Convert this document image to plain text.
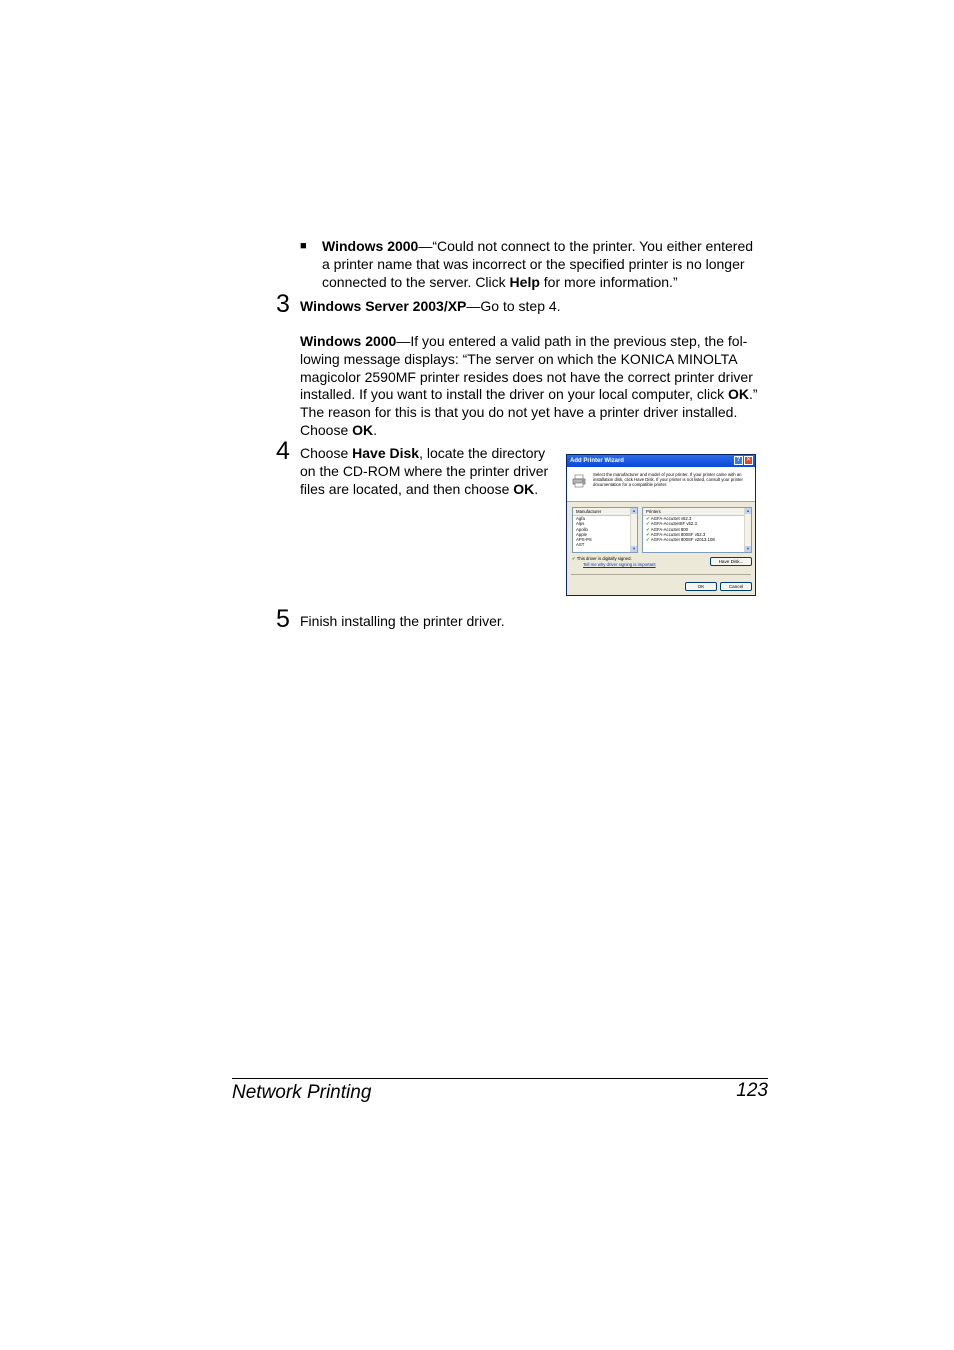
■ Windows 2000—“Could not connect to the printer. You either entered
a printer name that was incorrect or the specified printer is no longer
connected to the server. Click Help for more information.”
3 Windows Server 2003/XP—Go to step 4.
Windows 2000—If you entered a valid path in the previous step, the fol-
lowing message displays: “The server on which the KONICA MINOLTA
magicolor 2590MF printer resides does not have the correct printer driver
installed. If you want to install the driver on your local computer, click OK.”
The reason for this is that you do not yet have a printer driver installed.
Choose OK.
4 Choose Have Disk, locate the directory
on the CD-ROM where the printer driver
files are located, and then choose OK.
Add Printer Wizard	? ✕
Select the manufacturer and model of your printer. If your printer came with an installation disk, click Have Disk. If your printer is not listed, consult your printer documentation for a compatible printer.
Manufacturer
Agfa
Alps
Apollo
Apple
APS-PS
AST
▲
▼
Printers
✔AGFA-AccuSet v52.3
✔AGFA-AccuSetSF v52.3
✔AGFA-AccuSet 800
✔AGFA-AccuSet 800SF v52.3
✔AGFA-AccuSet 800SF v2013.108
▲
▼
✔ This driver is digitally signed.
Tell me why driver signing is important	Have Disk...
OK	Cancel
5 Finish installing the printer driver.
Network Printing	123
